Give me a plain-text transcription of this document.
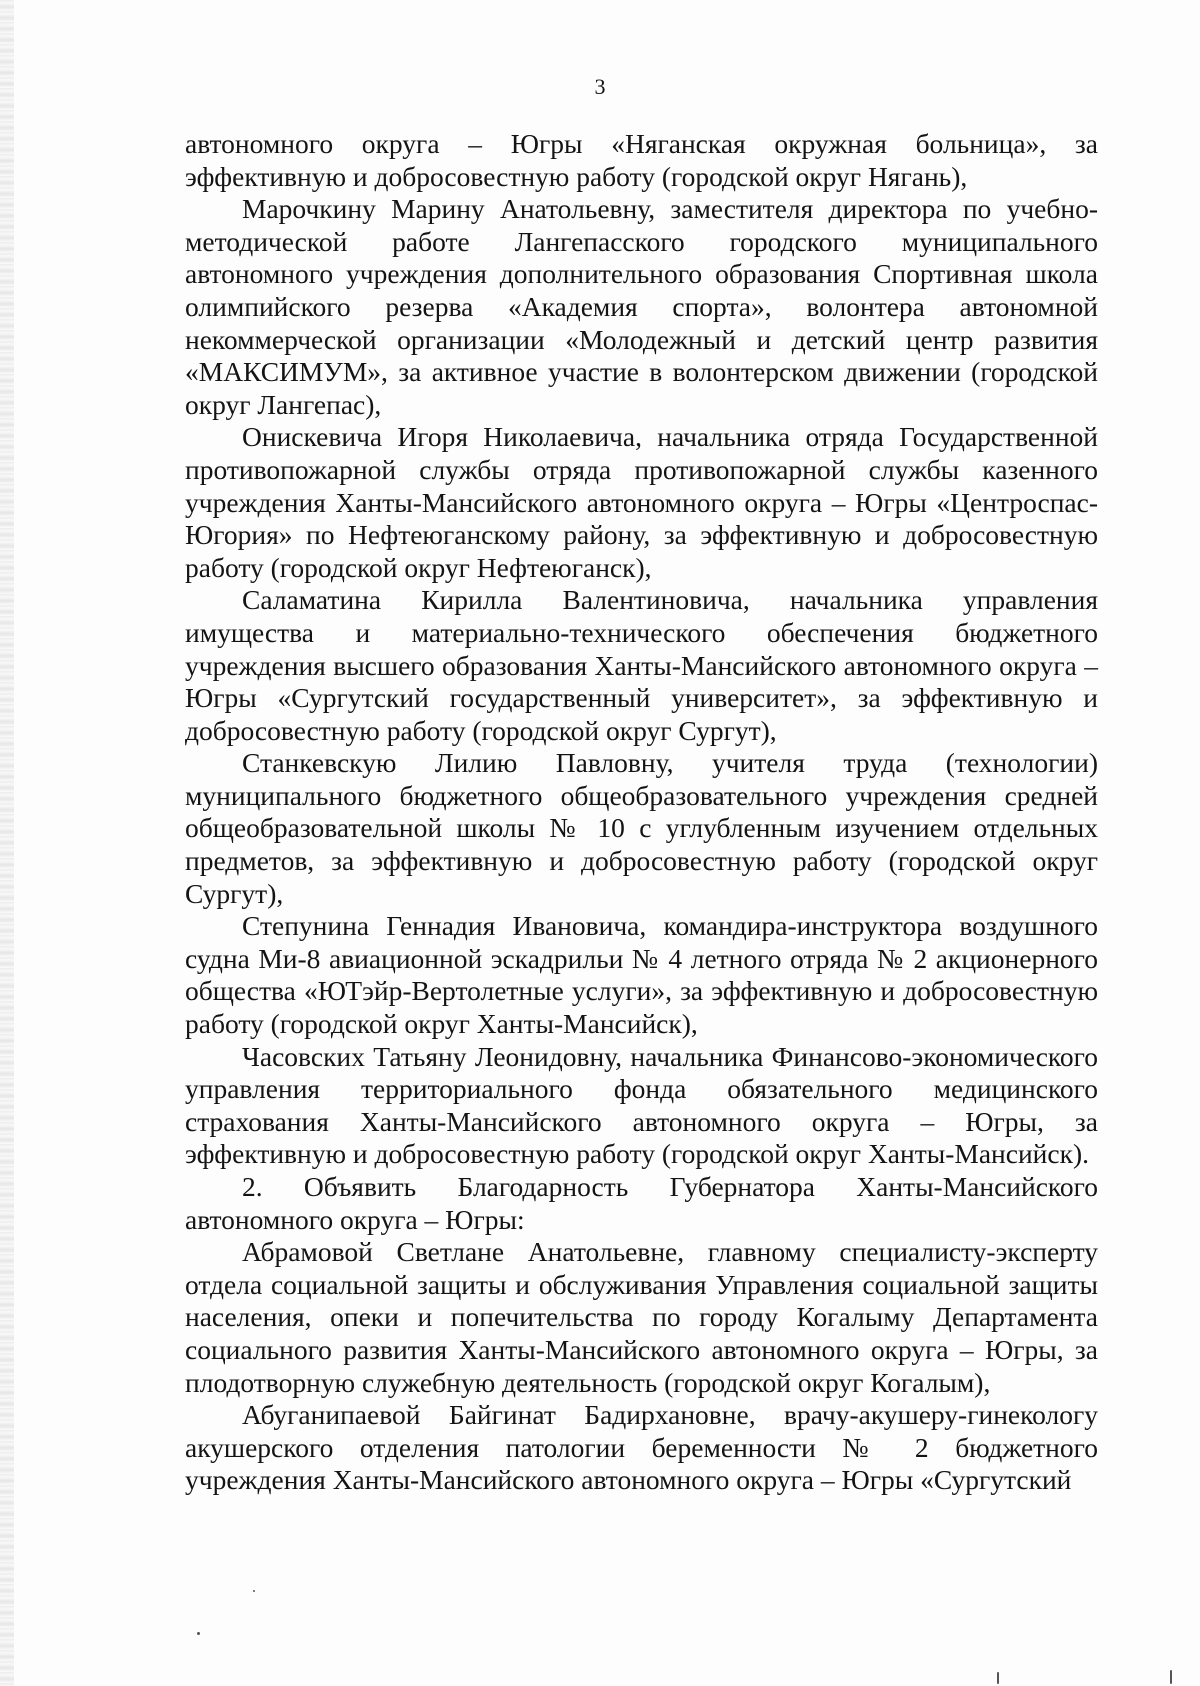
3

автономного округа – Югры «Няганская окружная больница», за эффективную и добросовестную работу (городской округ Нягань),

Марочкину Марину Анатольевну, заместителя директора по учебно-методической работе Лангепасского городского муниципального автономного учреждения дополнительного образования Спортивная школа олимпийского резерва «Академия спорта», волонтера автономной некоммерческой организации «Молодежный и детский центр развития «МАКСИМУМ», за активное участие в волонтерском движении (городской округ Лангепас),

Онискевича Игоря Николаевича, начальника отряда Государственной противопожарной службы отряда противопожарной службы казенного учреждения Ханты-Мансийского автономного округа – Югры «Центроспас-Югория» по Нефтеюганскому району, за эффективную и добросовестную работу (городской округ Нефтеюганск),

Саламатина Кирилла Валентиновича, начальника управления имущества и материально-технического обеспечения бюджетного учреждения высшего образования Ханты-Мансийского автономного округа – Югры «Сургутский государственный университет», за эффективную и добросовестную работу (городской округ Сургут),

Станкевскую Лилию Павловну, учителя труда (технологии) муниципального бюджетного общеобразовательного учреждения средней общеобразовательной школы № 10 с углубленным изучением отдельных предметов, за эффективную и добросовестную работу (городской округ Сургут),

Степунина Геннадия Ивановича, командира-инструктора воздушного судна Ми-8 авиационной эскадрильи № 4 летного отряда № 2 акционерного общества «ЮТэйр-Вертолетные услуги», за эффективную и добросовестную работу (городской округ Ханты-Мансийск),

Часовских Татьяну Леонидовну, начальника Финансово-экономического управления территориального фонда обязательного медицинского страхования Ханты-Мансийского автономного округа – Югры, за эффективную и добросовестную работу (городской округ Ханты-Мансийск).

2. Объявить Благодарность Губернатора Ханты-Мансийского автономного округа – Югры:

Абрамовой Светлане Анатольевне, главному специалисту-эксперту отдела социальной защиты и обслуживания Управления социальной защиты населения, опеки и попечительства по городу Когалыму Департамента социального развития Ханты-Мансийского автономного округа – Югры, за плодотворную служебную деятельность (городской округ Когалым),

Абуганипаевой Байгинат Бадирхановне, врачу-акушеру-гинекологу акушерского отделения патологии беременности № 2 бюджетного учреждения Ханты-Мансийского автономного округа – Югры «Сургутский
